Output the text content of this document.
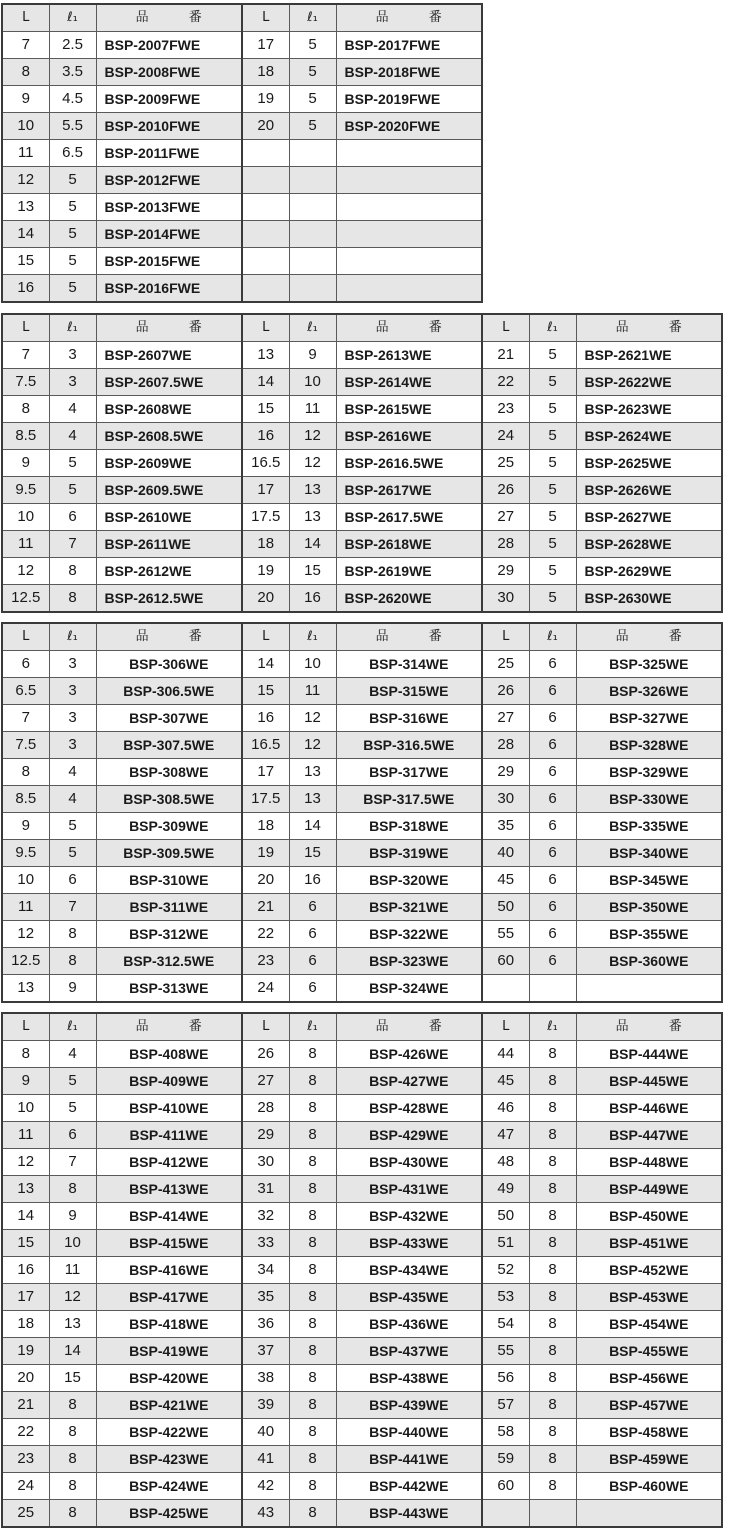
L	ℓ₁	品 番	L	ℓ₁	品 番
7	2.5	BSP-2007FWE	17	5	BSP-2017FWE
8	3.5	BSP-2008FWE	18	5	BSP-2018FWE
9	4.5	BSP-2009FWE	19	5	BSP-2019FWE
10	5.5	BSP-2010FWE	20	5	BSP-2020FWE
11	6.5	BSP-2011FWE			
12	5	BSP-2012FWE			
13	5	BSP-2013FWE			
14	5	BSP-2014FWE			
15	5	BSP-2015FWE			
16	5	BSP-2016FWE			
L	ℓ₁	品 番	L	ℓ₁	品 番	L	ℓ₁	品 番
7	3	BSP-2607WE	13	9	BSP-2613WE	21	5	BSP-2621WE
7.5	3	BSP-2607.5WE	14	10	BSP-2614WE	22	5	BSP-2622WE
8	4	BSP-2608WE	15	11	BSP-2615WE	23	5	BSP-2623WE
8.5	4	BSP-2608.5WE	16	12	BSP-2616WE	24	5	BSP-2624WE
9	5	BSP-2609WE	16.5	12	BSP-2616.5WE	25	5	BSP-2625WE
9.5	5	BSP-2609.5WE	17	13	BSP-2617WE	26	5	BSP-2626WE
10	6	BSP-2610WE	17.5	13	BSP-2617.5WE	27	5	BSP-2627WE
11	7	BSP-2611WE	18	14	BSP-2618WE	28	5	BSP-2628WE
12	8	BSP-2612WE	19	15	BSP-2619WE	29	5	BSP-2629WE
12.5	8	BSP-2612.5WE	20	16	BSP-2620WE	30	5	BSP-2630WE
L	ℓ₁	品 番	L	ℓ₁	品 番	L	ℓ₁	品 番
6	3	BSP-306WE	14	10	BSP-314WE	25	6	BSP-325WE
6.5	3	BSP-306.5WE	15	11	BSP-315WE	26	6	BSP-326WE
7	3	BSP-307WE	16	12	BSP-316WE	27	6	BSP-327WE
7.5	3	BSP-307.5WE	16.5	12	BSP-316.5WE	28	6	BSP-328WE
8	4	BSP-308WE	17	13	BSP-317WE	29	6	BSP-329WE
8.5	4	BSP-308.5WE	17.5	13	BSP-317.5WE	30	6	BSP-330WE
9	5	BSP-309WE	18	14	BSP-318WE	35	6	BSP-335WE
9.5	5	BSP-309.5WE	19	15	BSP-319WE	40	6	BSP-340WE
10	6	BSP-310WE	20	16	BSP-320WE	45	6	BSP-345WE
11	7	BSP-311WE	21	6	BSP-321WE	50	6	BSP-350WE
12	8	BSP-312WE	22	6	BSP-322WE	55	6	BSP-355WE
12.5	8	BSP-312.5WE	23	6	BSP-323WE	60	6	BSP-360WE
13	9	BSP-313WE	24	6	BSP-324WE			
L	ℓ₁	品 番	L	ℓ₁	品 番	L	ℓ₁	品 番
8	4	BSP-408WE	26	8	BSP-426WE	44	8	BSP-444WE
9	5	BSP-409WE	27	8	BSP-427WE	45	8	BSP-445WE
10	5	BSP-410WE	28	8	BSP-428WE	46	8	BSP-446WE
11	6	BSP-411WE	29	8	BSP-429WE	47	8	BSP-447WE
12	7	BSP-412WE	30	8	BSP-430WE	48	8	BSP-448WE
13	8	BSP-413WE	31	8	BSP-431WE	49	8	BSP-449WE
14	9	BSP-414WE	32	8	BSP-432WE	50	8	BSP-450WE
15	10	BSP-415WE	33	8	BSP-433WE	51	8	BSP-451WE
16	11	BSP-416WE	34	8	BSP-434WE	52	8	BSP-452WE
17	12	BSP-417WE	35	8	BSP-435WE	53	8	BSP-453WE
18	13	BSP-418WE	36	8	BSP-436WE	54	8	BSP-454WE
19	14	BSP-419WE	37	8	BSP-437WE	55	8	BSP-455WE
20	15	BSP-420WE	38	8	BSP-438WE	56	8	BSP-456WE
21	8	BSP-421WE	39	8	BSP-439WE	57	8	BSP-457WE
22	8	BSP-422WE	40	8	BSP-440WE	58	8	BSP-458WE
23	8	BSP-423WE	41	8	BSP-441WE	59	8	BSP-459WE
24	8	BSP-424WE	42	8	BSP-442WE	60	8	BSP-460WE
25	8	BSP-425WE	43	8	BSP-443WE			
